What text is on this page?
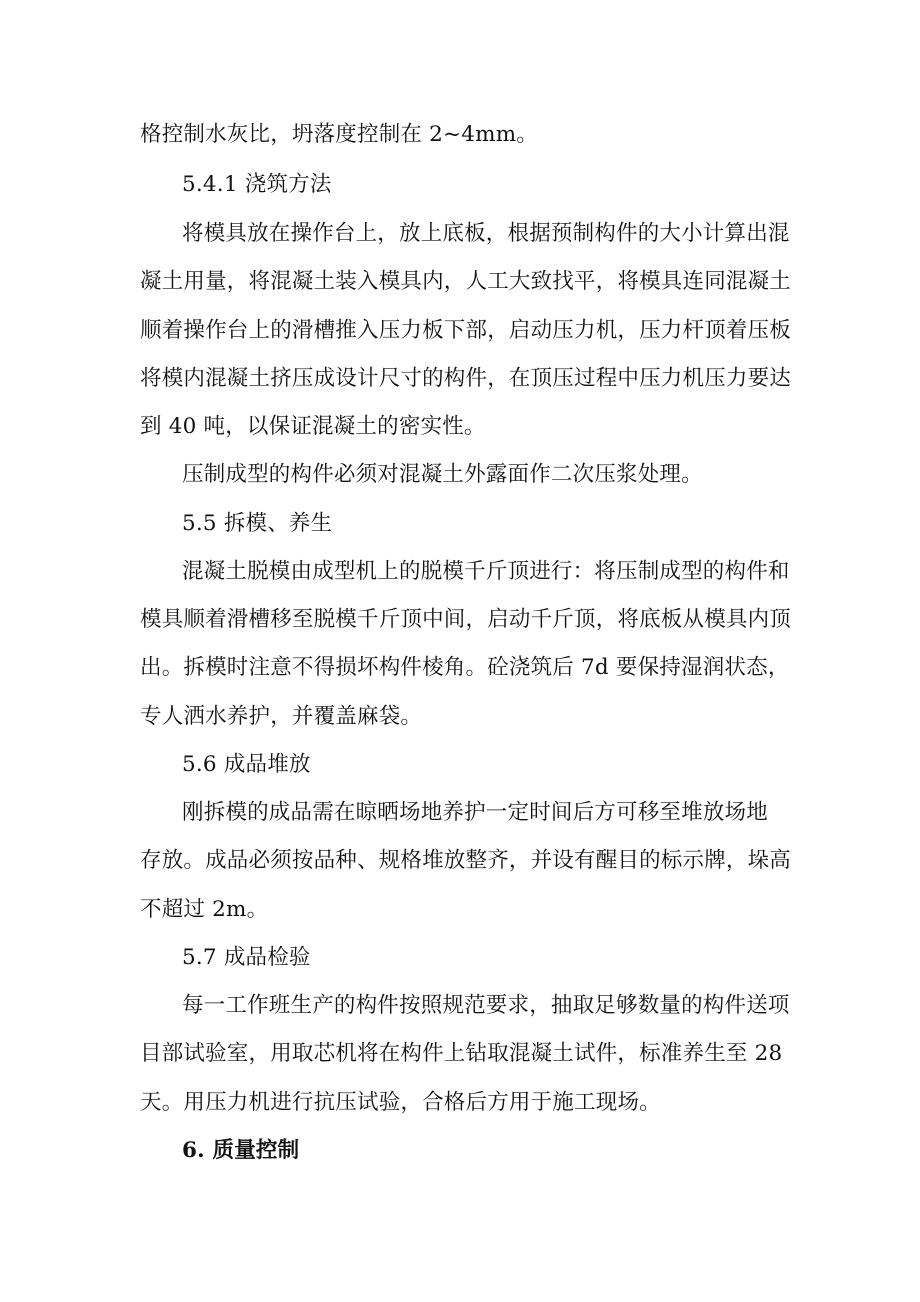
格控制水灰比，坍落度控制在 2~4mm。
5.4.1 浇筑方法
将模具放在操作台上，放上底板，根据预制构件的大小计算出混
凝土用量，将混凝土装入模具内，人工大致找平，将模具连同混凝土
顺着操作台上的滑槽推入压力板下部，启动压力机，压力杆顶着压板
将模内混凝土挤压成设计尺寸的构件，在顶压过程中压力机压力要达
到 40 吨，以保证混凝土的密实性。
压制成型的构件必须对混凝土外露面作二次压浆处理。
5.5 拆模、养生
混凝土脱模由成型机上的脱模千斤顶进行：将压制成型的构件和
模具顺着滑槽移至脱模千斤顶中间，启动千斤顶，将底板从模具内顶
出。拆模时注意不得损坏构件棱角。砼浇筑后 7d 要保持湿润状态，
专人洒水养护，并覆盖麻袋。
5.6 成品堆放
刚拆模的成品需在晾晒场地养护一定时间后方可移至堆放场地
存放。成品必须按品种、规格堆放整齐，并设有醒目的标示牌，垛高
不超过 2m。
5.7 成品检验
每一工作班生产的构件按照规范要求，抽取足够数量的构件送项
目部试验室，用取芯机将在构件上钻取混凝土试件，标准养生至 28
天。用压力机进行抗压试验，合格后方用于施工现场。
6. 质量控制
